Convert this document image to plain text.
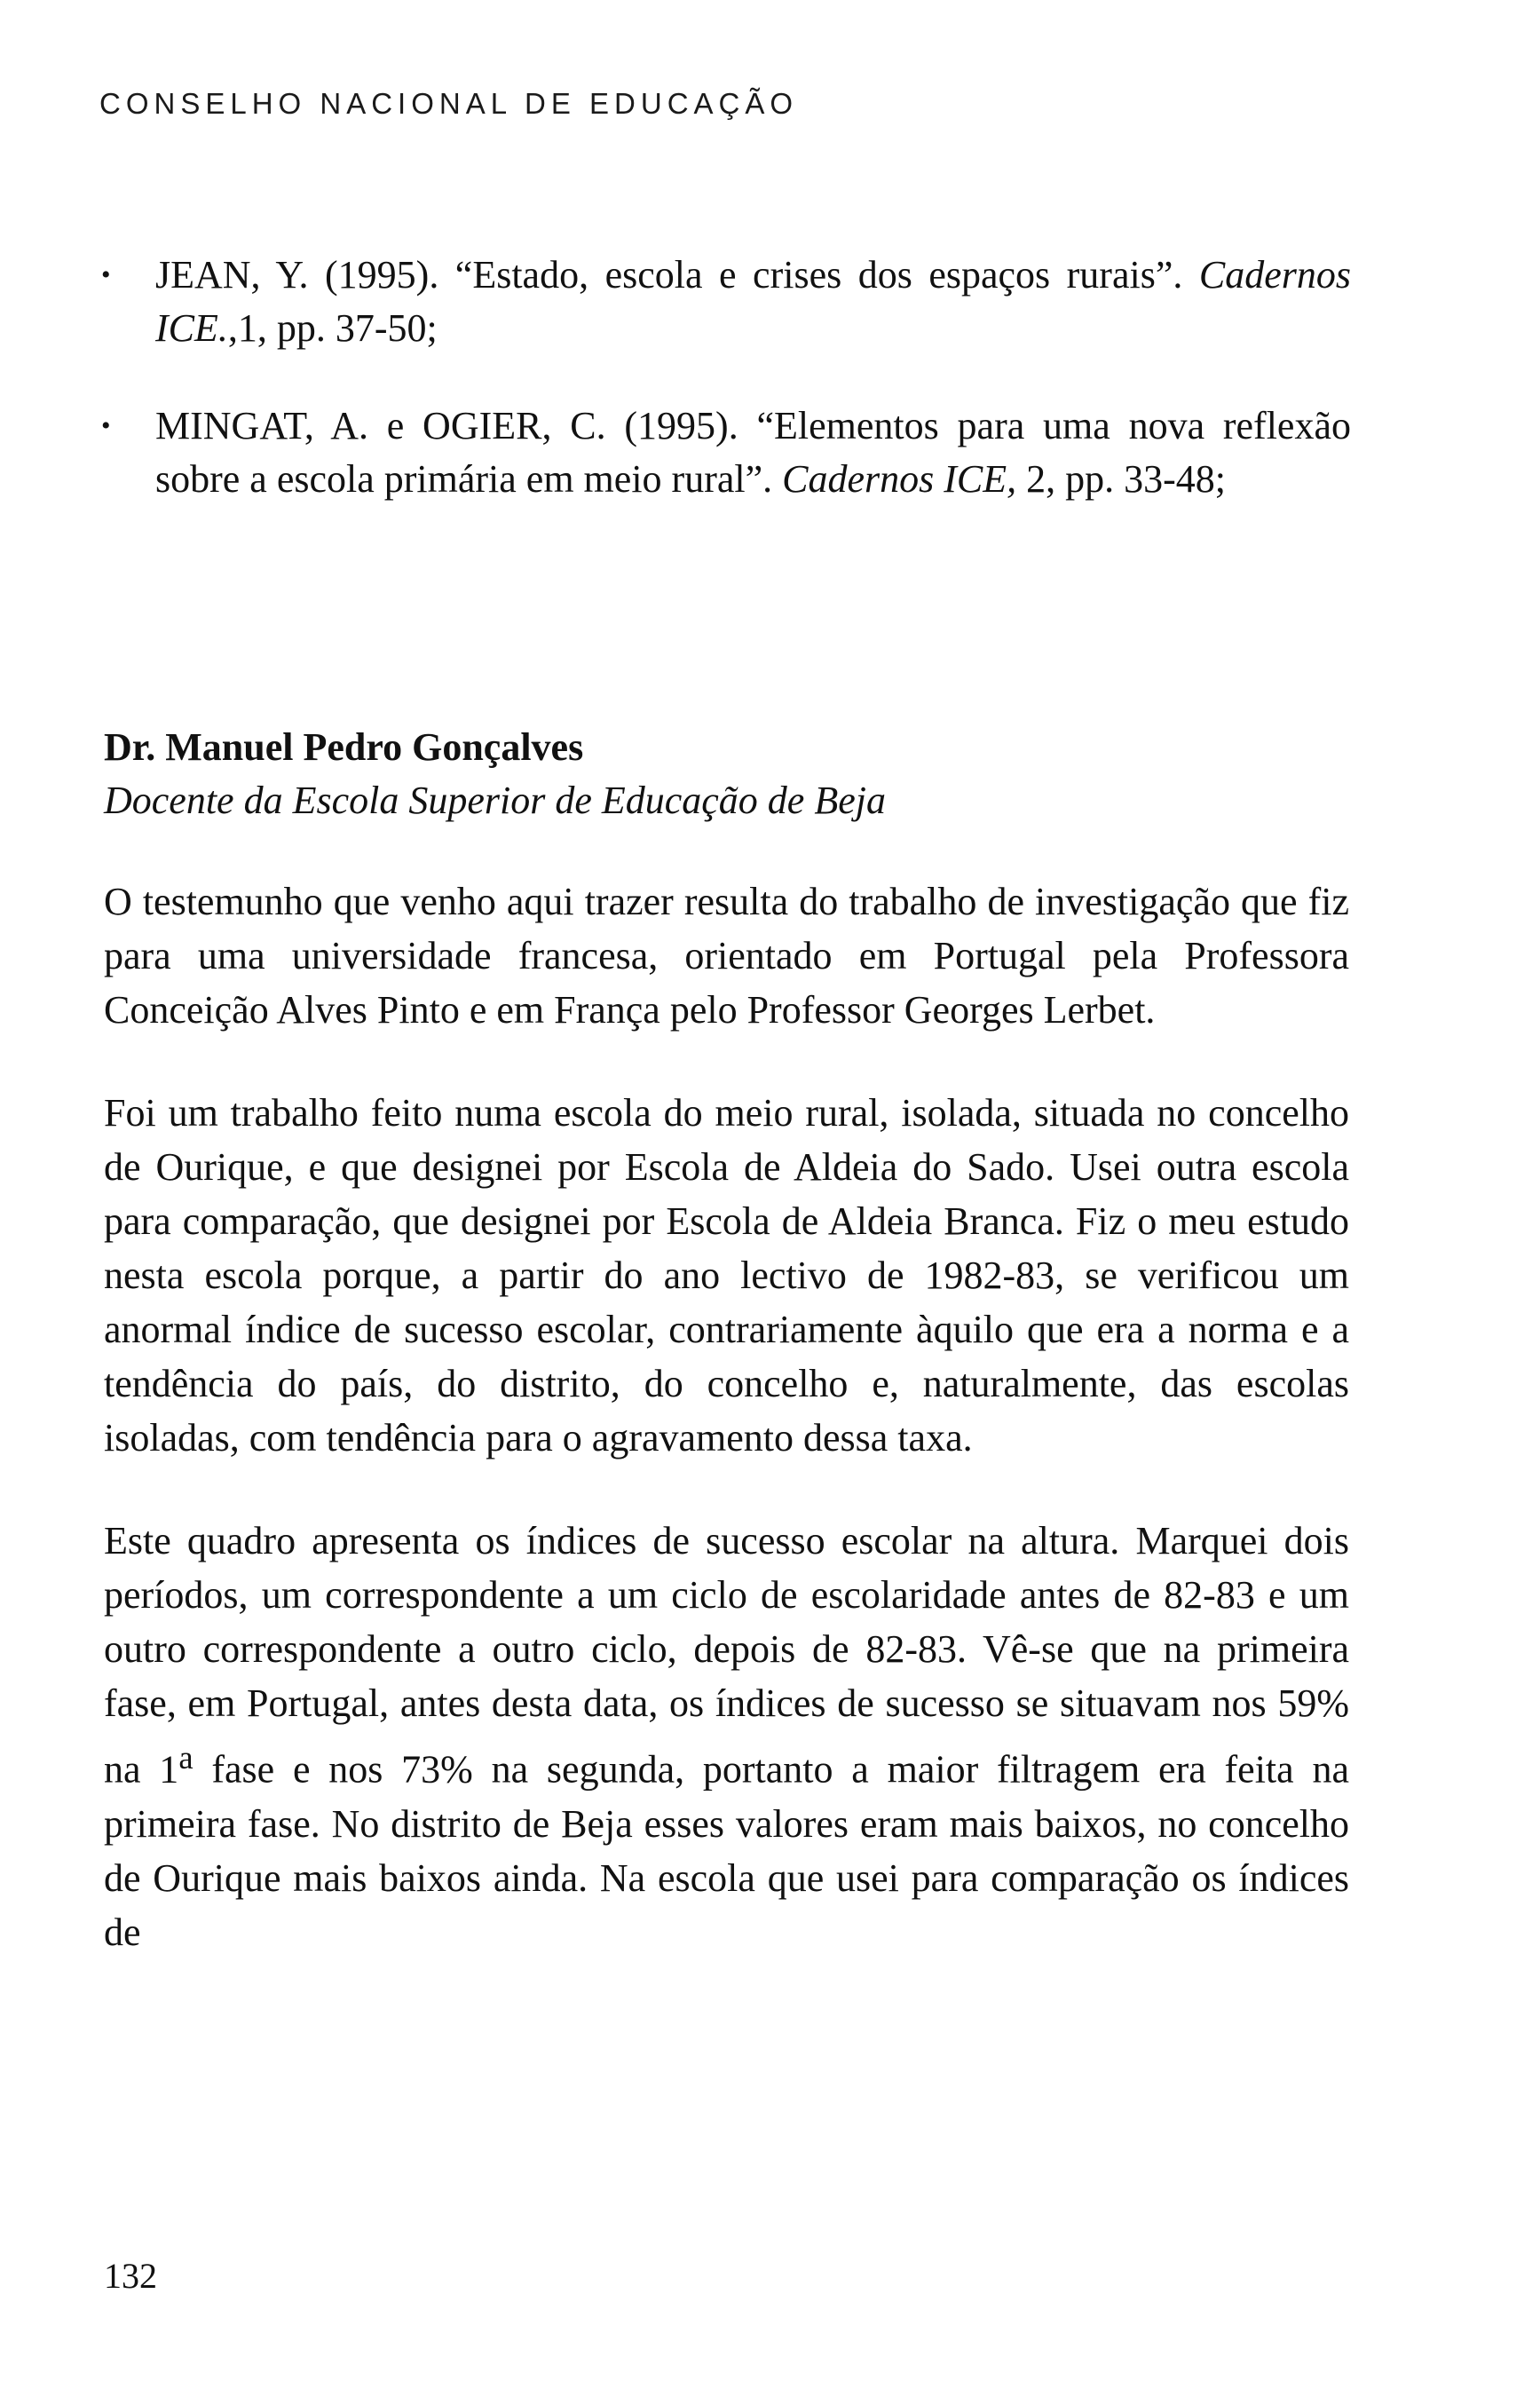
CONSELHO NACIONAL DE EDUCAÇÃO
• JEAN, Y. (1995). “Estado, escola e crises dos espaços rurais”. Cadernos ICE.,1, pp. 37-50;
• MINGAT, A. e OGIER, C. (1995). “Elementos para uma nova reflexão sobre a escola primária em meio rural”. Cadernos ICE, 2, pp. 33-48;
Dr. Manuel Pedro Gonçalves
Docente da Escola Superior de Educação de Beja

O testemunho que venho aqui trazer resulta do trabalho de investigação que fiz para uma universidade francesa, orientado em Portugal pela Professora Conceição Alves Pinto e em França pelo Professor Georges Lerbet.

Foi um trabalho feito numa escola do meio rural, isolada, situada no concelho de Ourique, e que designei por Escola de Aldeia do Sado. Usei outra escola para comparação, que designei por Escola de Aldeia Branca. Fiz o meu estudo nesta escola porque, a partir do ano lectivo de 1982-83, se verificou um anormal índice de sucesso escolar, contrariamente àquilo que era a norma e a tendência do país, do distrito, do concelho e, naturalmente, das escolas isoladas, com tendência para o agravamento dessa taxa.

Este quadro apresenta os índices de sucesso escolar na altura. Marquei dois períodos, um correspondente a um ciclo de escolaridade antes de 82-83 e um outro correspondente a outro ciclo, depois de 82-83. Vê-se que na primeira fase, em Portugal, antes desta data, os índices de sucesso se situavam nos 59% na 1$^a$ fase e nos 73% na segunda, portanto a maior filtragem era feita na primeira fase. No distrito de Beja esses valores eram mais baixos, no concelho de Ourique mais baixos ainda. Na escola que usei para comparação os índices de

132
